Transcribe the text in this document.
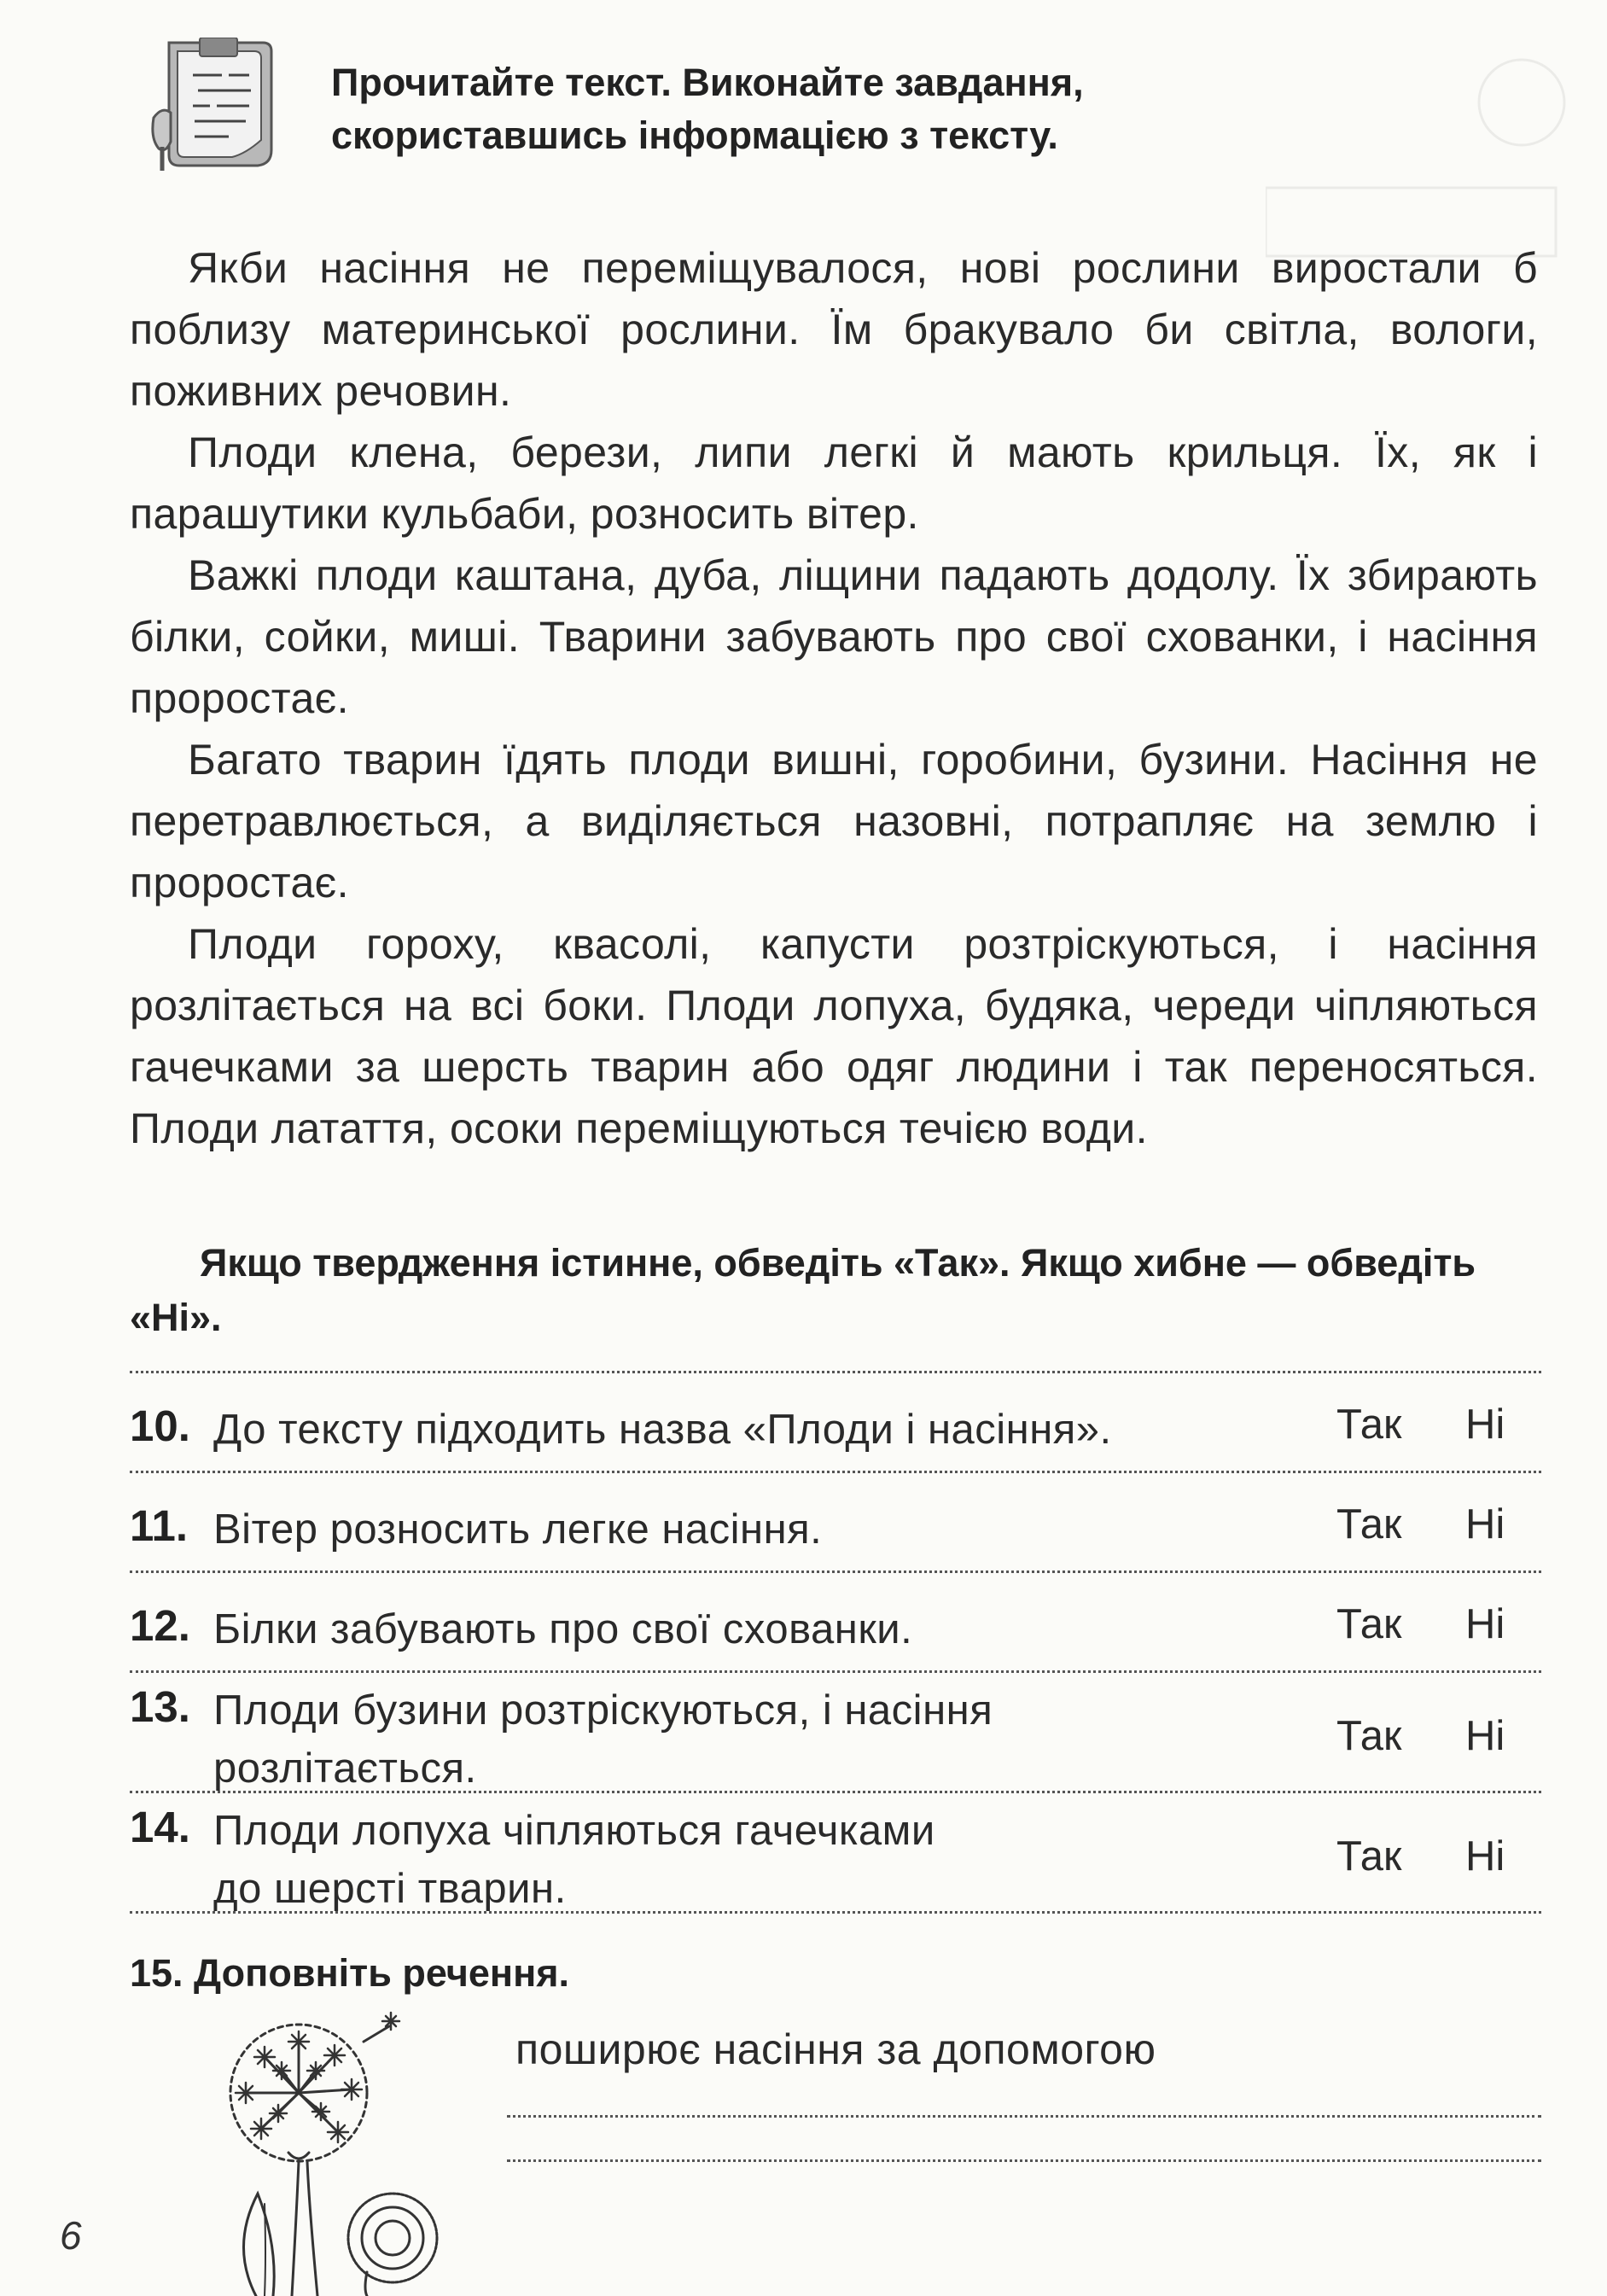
Прочитайте текст. Виконайте завдання,
скориставшись інформацією з тексту.

Якби насіння не переміщувалося, нові рослини виростали б поблизу материнської рослини. Їм бракувало би світла, вологи, поживних речовин.

Плоди клена, берези, липи легкі й мають крильця. Їх, як і парашутики кульбаби, розносить вітер.

Важкі плоди каштана, дуба, ліщини падають додолу. Їх збирають білки, сойки, миші. Тварини забувають про свої схованки, і насіння проростає.

Багато тварин їдять плоди вишні, горобини, бузини. Насіння не перетравлюється, а виділяється назовні, потрапляє на землю і проростає.

Плоди гороху, квасолі, капусти розтріскуються, і насіння розлітається на всі боки. Плоди лопуха, будяка, череди чіпляються гачечками за шерсть тварин або одяг людини і так переносяться. Плоди латаття, осоки переміщуються течією води.

Якщо твердження істинне, обведіть «Так». Якщо хибне — обведіть «Ні».
10. До тексту підходить назва «Плоди і насіння».	Так Ні
11. Вітер розносить легке насіння.	Так Ні
12. Білки забувають про свої схованки.	Так Ні
13. Плоди бузини розтріскуються, і насіння
розлітається.
Так Ні
14. Плоди лопуха чіпляються гачечками
до шерсті тварин.
Так Ні
15. Доповніть речення.
поширює насіння за допомогою
6
